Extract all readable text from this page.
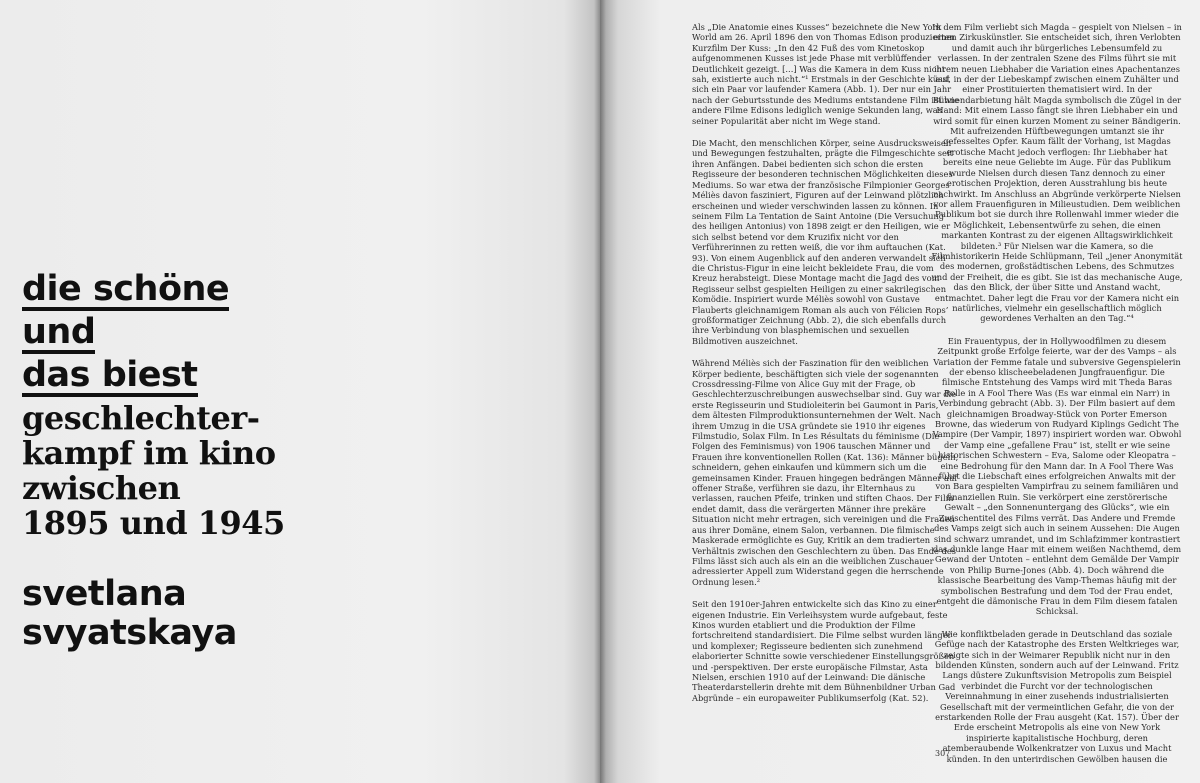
die schöne
und
das biest
geschlechter-
kampf im kino
zwischen
1895 und 1945
svetlana
svyatskaya

Als „Die Anatomie eines Kusses“ bezeichnete die New York World am 26. April 1896 den von Thomas Edison produzierten Kurzfilm Der Kuss: „In den 42 Fuß des vom Kinetoskop aufgenommenen Kusses ist jede Phase mit verblüffender Deutlichkeit gezeigt. [...] Was die Kamera in dem Kuss nicht sah, existierte auch nicht.“¹ Erstmals in der Geschichte küsst sich ein Paar vor laufender Kamera (Abb. 1). Der nur ein Jahr nach der Geburtsstunde des Mediums entstandene Film ist wie andere Filme Edisons lediglich wenige Sekunden lang, was seiner Popularität aber nicht im Wege stand.

Die Macht, den menschlichen Körper, seine Ausdrucksweisen und Bewegungen festzuhalten, prägte die Filmgeschichte seit ihren Anfängen. Dabei bedienten sich schon die ersten Regisseure der besonderen technischen Möglichkeiten dieses Mediums. So war etwa der französische Filmpionier Georges Méliès davon fasziniert, Figuren auf der Leinwand plötzlich erscheinen und wieder verschwinden lassen zu können. In seinem Film La Tentation de Saint Antoine (Die Versuchung des heiligen Antonius) von 1898 zeigt er den Heiligen, wie er sich selbst betend vor dem Kruzifix nicht vor den Verführerinnen zu retten weiß, die vor ihm auftauchen (Kat. 93). Von einem Augenblick auf den anderen verwandelt sich die Christus-Figur in eine leicht bekleidete Frau, die vom Kreuz herabsteigt. Diese Montage macht die Jagd des vom Regisseur selbst gespielten Heiligen zu einer sakrilegischen Komödie. Inspiriert wurde Méliès sowohl von Gustave Flauberts gleichnamigem Roman als auch von Félicien Rops’ großformatiger Zeichnung (Abb. 2), die sich ebenfalls durch ihre Verbindung von blasphemischen und sexuellen Bildmotiven auszeichnet.

Während Méliès sich der Faszination für den weiblichen Körper bediente, beschäftigten sich viele der sogenannten Crossdressing-Filme von Alice Guy mit der Frage, ob Geschlechterzuschreibungen auswechselbar sind. Guy war die erste Regisseurin und Studioleiterin bei Gaumont in Paris, dem ältesten Filmproduktionsunternehmen der Welt. Nach ihrem Umzug in die USA gründete sie 1910 ihr eigenes Filmstudio, Solax Film. In Les Résultats du féminisme (Die Folgen des Feminismus) von 1906 tauschen Männer und Frauen ihre konventionellen Rollen (Kat. 136): Männer bügeln, schneidern, gehen einkaufen und kümmern sich um die gemeinsamen Kinder. Frauen hingegen bedrängen Männer auf offener Straße, verführen sie dazu, ihr Elternhaus zu verlassen, rauchen Pfeife, trinken und stiften Chaos. Der Film endet damit, dass die verärgerten Männer ihre prekäre Situation nicht mehr ertragen, sich vereinigen und die Frauen aus ihrer Domäne, einem Salon, verbannen. Die filmische Maskerade ermöglichte es Guy, Kritik an dem tradierten Verhältnis zwischen den Geschlechtern zu üben. Das Ende des Films lässt sich auch als ein an die weiblichen Zuschauer adressierter Appell zum Widerstand gegen die herrschende Ordnung lesen.²

Seit den 1910er-Jahren entwickelte sich das Kino zu einer eigenen Industrie. Ein Verleihsystem wurde aufgebaut, feste Kinos wurden etabliert und die Produktion der Filme fortschreitend standardisiert. Die Filme selbst wurden länger und komplexer; Regisseure bedienten sich zunehmend elaborierter Schnitte sowie verschiedener Einstellungsgrößen und -perspektiven. Der erste europäische Filmstar, Asta Nielsen, erschien 1910 auf der Leinwand: Die dänische Theaterdarstellerin drehte mit dem Bühnenbildner Urban Gad Abgründe – ein europaweiter Publikumserfolg (Kat. 52).

In dem Film verliebt sich Magda – gespielt von Nielsen – in einen Zirkuskünstler. Sie entscheidet sich, ihren Verlobten und damit auch ihr bürgerliches Lebensumfeld zu verlassen. In der zentralen Szene des Films führt sie mit ihrem neuen Liebhaber die Variation eines Apachentanzes auf, in der der Liebeskampf zwischen einem Zuhälter und einer Prostituierten thematisiert wird. In der Bühnendarbietung hält Magda symbolisch die Zügel in der Hand: Mit einem Lasso fängt sie ihren Liebhaber ein und wird somit für einen kurzen Moment zu seiner Bändigerin. Mit aufreizenden Hüftbewegungen umtanzt sie ihr gefesseltes Opfer. Kaum fällt der Vorhang, ist Magdas erotische Macht jedoch verflogen: Ihr Liebhaber hat bereits eine neue Geliebte im Auge. Für das Publikum wurde Nielsen durch diesen Tanz dennoch zu einer erotischen Projektion, deren Ausstrahlung bis heute nachwirkt. Im Anschluss an Abgründe verkörperte Nielsen vor allem Frauenfiguren in Milieustudien. Dem weiblichen Publikum bot sie durch ihre Rollenwahl immer wieder die Möglichkeit, Lebensentwürfe zu sehen, die einen markanten Kontrast zu der eigenen Alltagswirklichkeit bildeten.³ Für Nielsen war die Kamera, so die Filmhistorikerin Heide Schlüpmann, Teil „jener Anonymität des modernen, großstädtischen Lebens, des Schmutzes und der Freiheit, die es gibt. Sie ist das mechanische Auge, das den Blick, der über Sitte und Anstand wacht, entmachtet. Daher legt die Frau vor der Kamera nicht ein natürliches, vielmehr ein gesellschaftlich möglich gewordenes Verhalten an den Tag.“⁴

Ein Frauentypus, der in Hollywoodfilmen zu diesem Zeitpunkt große Erfolge feierte, war der des Vamps – als Variation der Femme fatale und subversive Gegenspielerin der ebenso klischeebeladenen Jungfrauenfigur. Die filmische Entstehung des Vamps wird mit Theda Baras Rolle in A Fool There Was (Es war einmal ein Narr) in Verbindung gebracht (Abb. 3). Der Film basiert auf dem gleichnamigen Broadway-Stück von Porter Emerson Browne, das wiederum von Rudyard Kiplings Gedicht The Vampire (Der Vampir, 1897) inspiriert worden war. Obwohl der Vamp eine „gefallene Frau“ ist, stellt er wie seine historischen Schwestern – Eva, Salome oder Kleopatra – eine Bedrohung für den Mann dar. In A Fool There Was führt die Liebschaft eines erfolgreichen Anwalts mit der von Bara gespielten Vampirfrau zu seinem familiären und finanziellen Ruin. Sie verkörpert eine zerstörerische Gewalt – „den Sonnenuntergang des Glücks“, wie ein Zwischentitel des Films verrät. Das Andere und Fremde des Vamps zeigt sich auch in seinem Aussehen: Die Augen sind schwarz umrandet, und im Schlafzimmer kontrastiert das dunkle lange Haar mit einem weißen Nachthemd, dem Gewand der Untoten – entlehnt dem Gemälde Der Vampir von Philip Burne-Jones (Abb. 4). Doch während die klassische Bearbeitung des Vamp-Themas häufig mit der symbolischen Bestrafung und dem Tod der Frau endet, entgeht die dämonische Frau in dem Film diesem fatalen Schicksal.

Wie konfliktbeladen gerade in Deutschland das soziale Gefüge nach der Katastrophe des Ersten Weltkrieges war, zeigte sich in der Weimarer Republik nicht nur in den bildenden Künsten, sondern auch auf der Leinwand. Fritz Langs düstere Zukunftsvision Metropolis zum Beispiel verbindet die Furcht vor der technologischen Vereinnahmung in einer zusehends industrialisierten Gesellschaft mit der vermeintlichen Gefahr, die von der erstarkenden Rolle der Frau ausgeht (Kat. 157). Über der Erde erscheint Metropolis als eine von New York inspirierte kapitalistische Hochburg, deren atemberaubende Wolkenkratzer von Luxus und Macht künden. In den unterirdischen Gewölben hausen die

307
